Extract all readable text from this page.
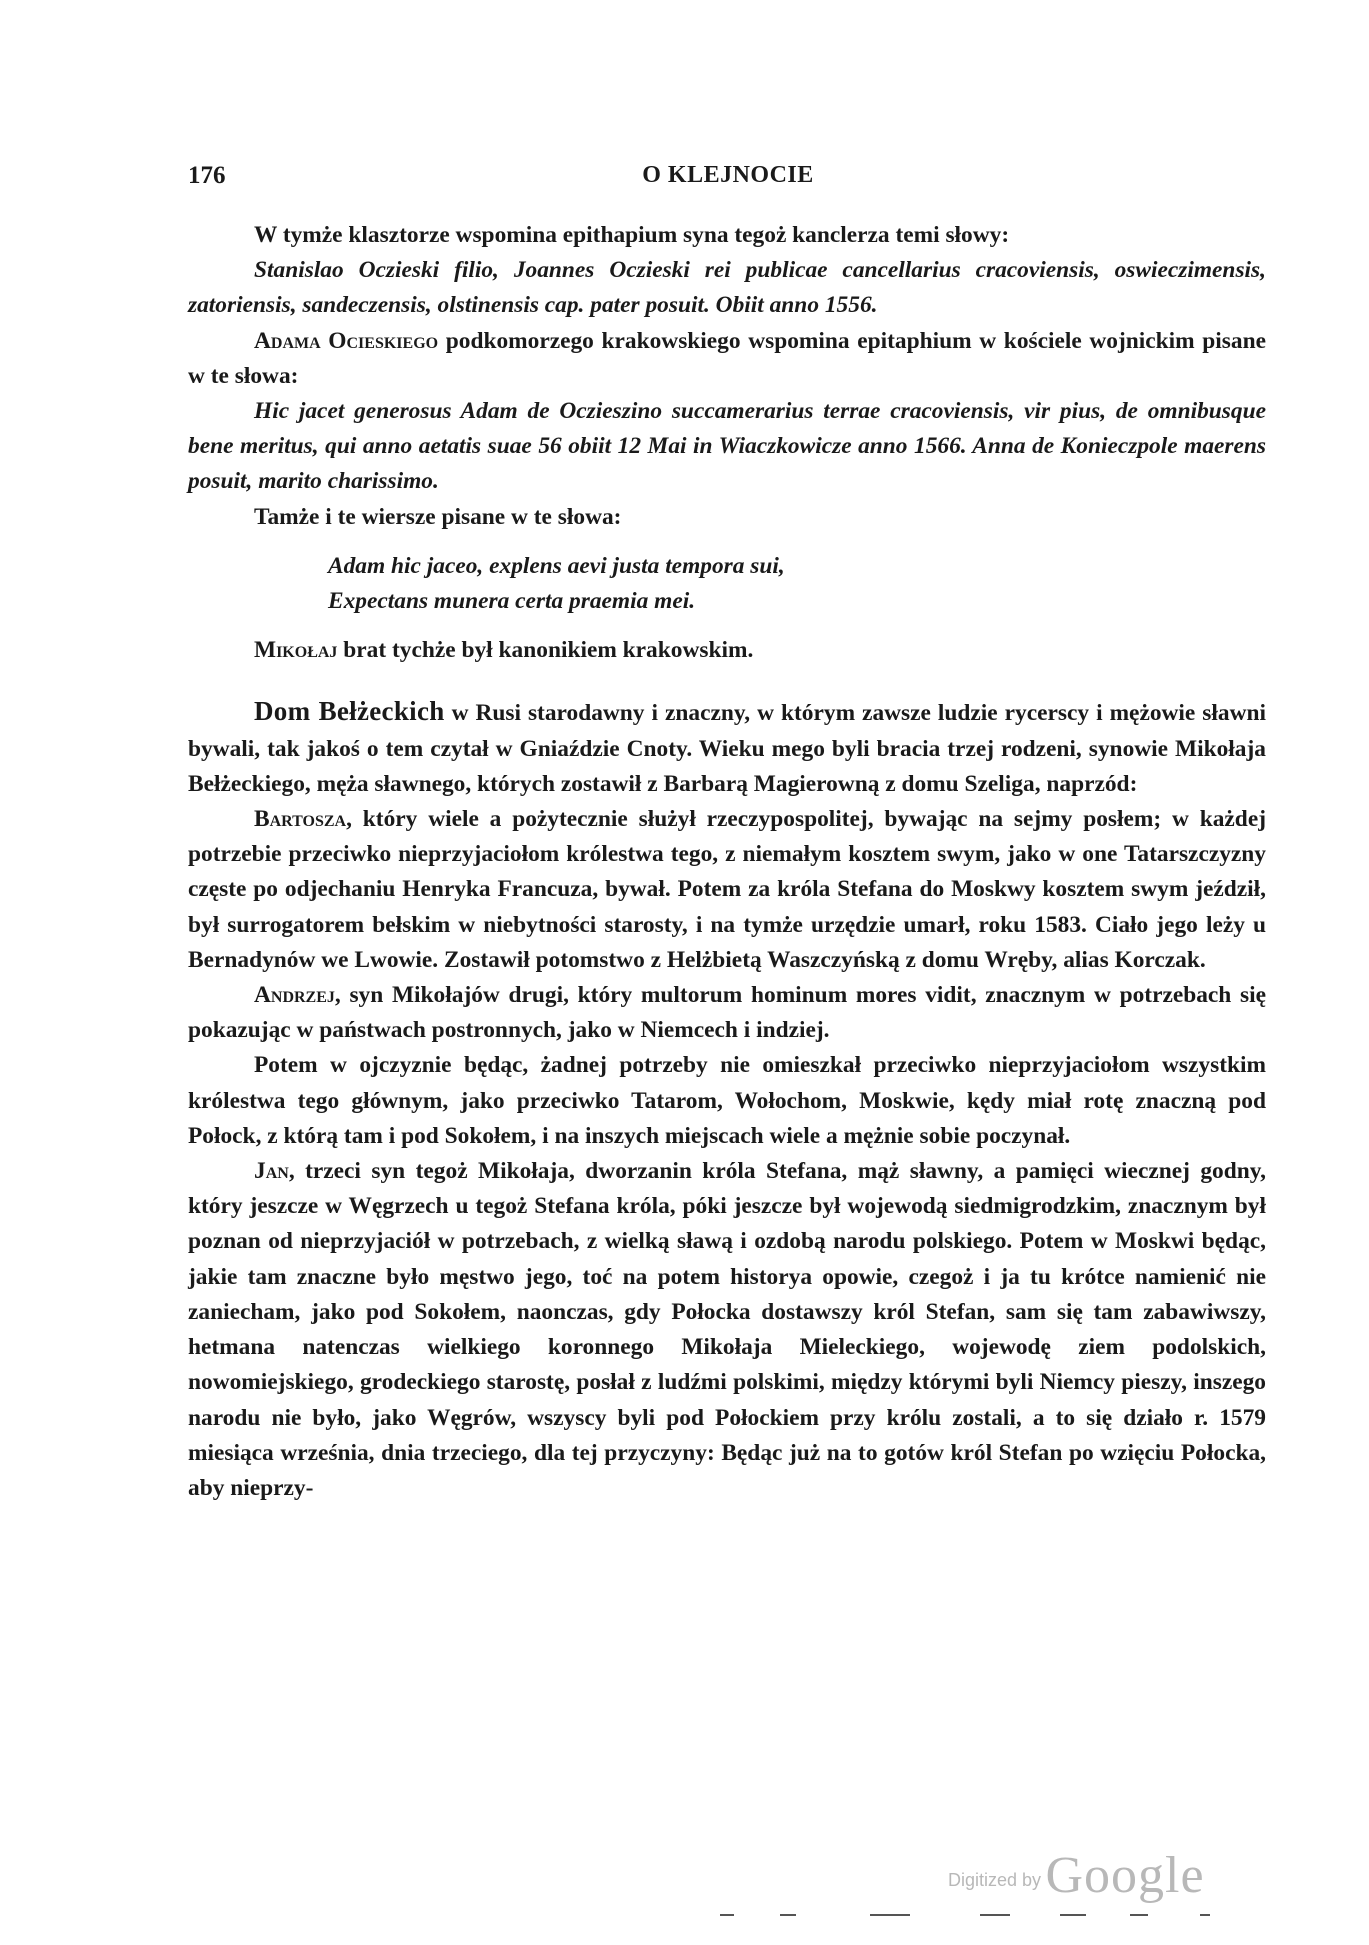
176	O KLEJNOCIE

W tymże klasztorze wspomina epithapium syna tegoż kanclerza temi słowy:

Stanislao Oczieski filio, Joannes Oczieski rei publicae cancellarius cracoviensis, oswieczimensis, zatoriensis, sandeczensis, olstinensis cap. pater posuit. Obiit anno 1556.

Adama Ocieskiego podkomorzego krakowskiego wspomina epitaphium w kościele wojnickim pisane w te słowa:

Hic jacet generosus Adam de Oczieszino succamerarius terrae cracoviensis, vir pius, de omnibusque bene meritus, qui anno aetatis suae 56 obiit 12 Mai in Wiaczkowicze anno 1566. Anna de Konieczpole maerens posuit, marito charissimo.

Tamże i te wiersze pisane w te słowa:

Adam hic jaceo, explens aevi justa tempora sui,
Expectans munera certa praemia mei.

Mikołaj brat tychże był kanonikiem krakowskim.

Dom Bełżeckich w Rusi starodawny i znaczny, w którym zawsze ludzie rycerscy i mężowie sławni bywali, tak jakoś o tem czytał w Gniaździe Cnoty. Wieku mego byli bracia trzej rodzeni, synowie Mikołaja Bełżeckiego, męża sławnego, których zostawił z Barbarą Magierowną z domu Szeliga, naprzód:

Bartosza, który wiele a pożytecznie służył rzeczypospolitej, bywając na sejmy posłem; w każdej potrzebie przeciwko nieprzyjaciołom królestwa tego, z niemałym kosztem swym, jako w one Tatarszczyzny częste po odjechaniu Henryka Francuza, bywał. Potem za króla Stefana do Moskwy kosztem swym jeździł, był surrogatorem bełskim w niebytności starosty, i na tymże urzędzie umarł, roku 1583. Ciało jego leży u Bernadynów we Lwowie. Zostawił potomstwo z Helżbietą Waszczyńską z domu Wręby, alias Korczak.

Andrzej, syn Mikołajów drugi, który multorum hominum mores vidit, znacznym w potrzebach się pokazując w państwach postronnych, jako w Niemcech i indziej.

Potem w ojczyznie będąc, żadnej potrzeby nie omieszkał przeciwko nieprzyjaciołom wszystkim królestwa tego głównym, jako przeciwko Tatarom, Wołochom, Moskwie, kędy miał rotę znaczną pod Połock, z którą tam i pod Sokołem, i na inszych miejscach wiele a mężnie sobie poczynał.

Jan, trzeci syn tegoż Mikołaja, dworzanin króla Stefana, mąż sławny, a pamięci wiecznej godny, który jeszcze w Węgrzech u tegoż Stefana króla, póki jeszcze był wojewodą siedmigrodzkim, znacznym był poznan od nieprzyjaciół w potrzebach, z wielką sławą i ozdobą narodu polskiego. Potem w Moskwi będąc, jakie tam znaczne było męstwo jego, toć na potem historya opowie, czegoż i ja tu krótce namienić nie zaniecham, jako pod Sokołem, naonczas, gdy Połocka dostawszy król Stefan, sam się tam zabawiwszy, hetmana natenczas wielkiego koronnego Mikołaja Mieleckiego, wojewodę ziem podolskich, nowomiejskiego, grodeckiego starostę, posłał z ludźmi polskimi, między którymi byli Niemcy pieszy, inszego narodu nie było, jako Węgrów, wszyscy byli pod Połockiem przy królu zostali, a to się działo r. 1579 miesiąca września, dnia trzeciego, dla tej przyczyny: Będąc już na to gotów król Stefan po wzięciu Połocka, aby nieprzy-

Digitized by Google
